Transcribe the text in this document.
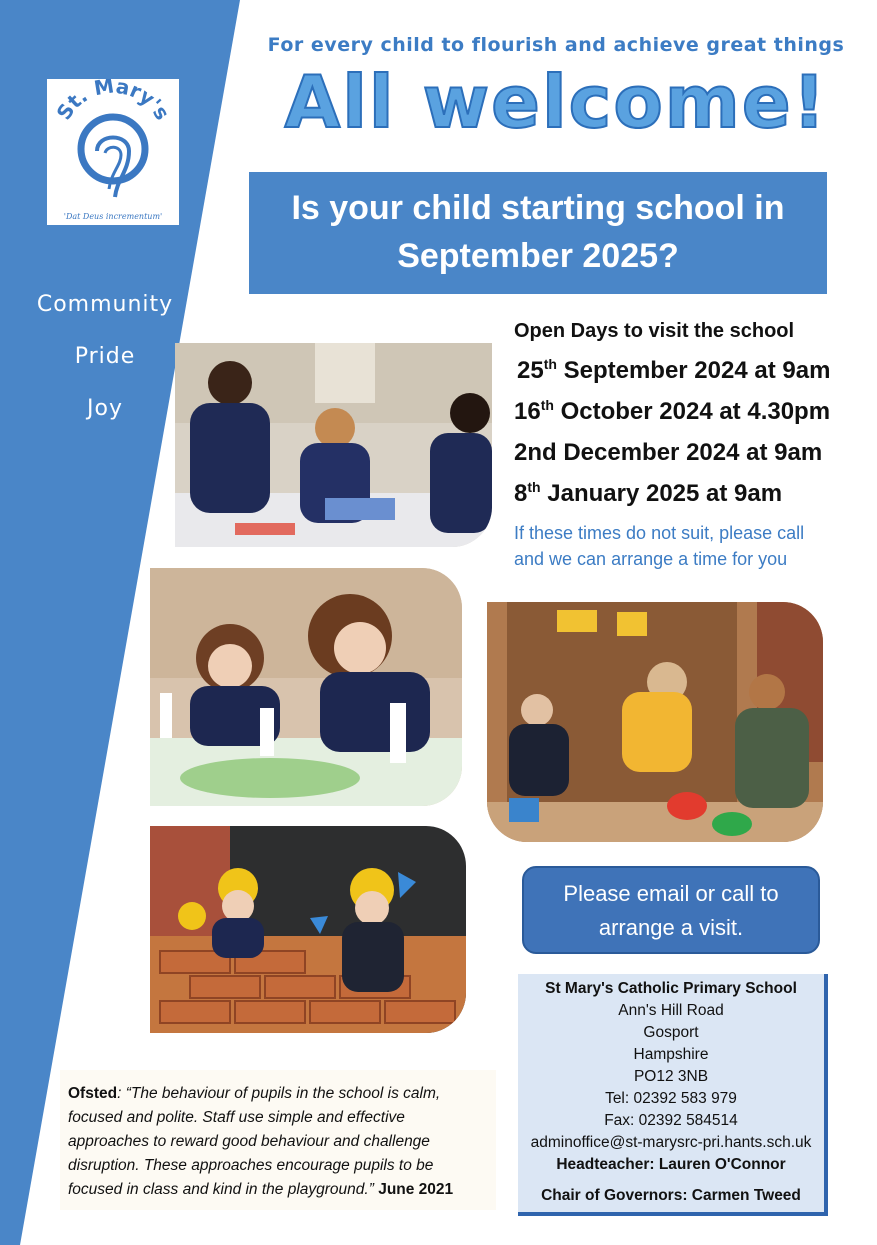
St. Mary's
'Dat Deus incrementum'
Community
Pride
Joy
For every child to flourish and achieve great things
All welcome!
Is your child starting school in
September 2025?
Open Days to visit the school
25th September 2024 at 9am
16th October 2024 at 4.30pm
2nd December 2024 at 9am
8th January 2025 at 9am
If these times do not suit, please call and we can arrange a time for you
Please email or call to
arrange a visit.
St Mary's Catholic Primary School
Ann's Hill Road
Gosport
Hampshire
PO12 3NB
Tel: 02392 583 979
Fax: 02392 584514
adminoffice@st-marysrc-pri.hants.sch.uk
Headteacher: Lauren O'Connor
Chair of Governors: Carmen Tweed
Ofsted: “The behaviour of pupils in the school is calm, focused and polite. Staff use simple and effective approaches to reward good behaviour and challenge disruption. These approaches encourage pupils to be focused in class and kind in the playground.” June 2021
